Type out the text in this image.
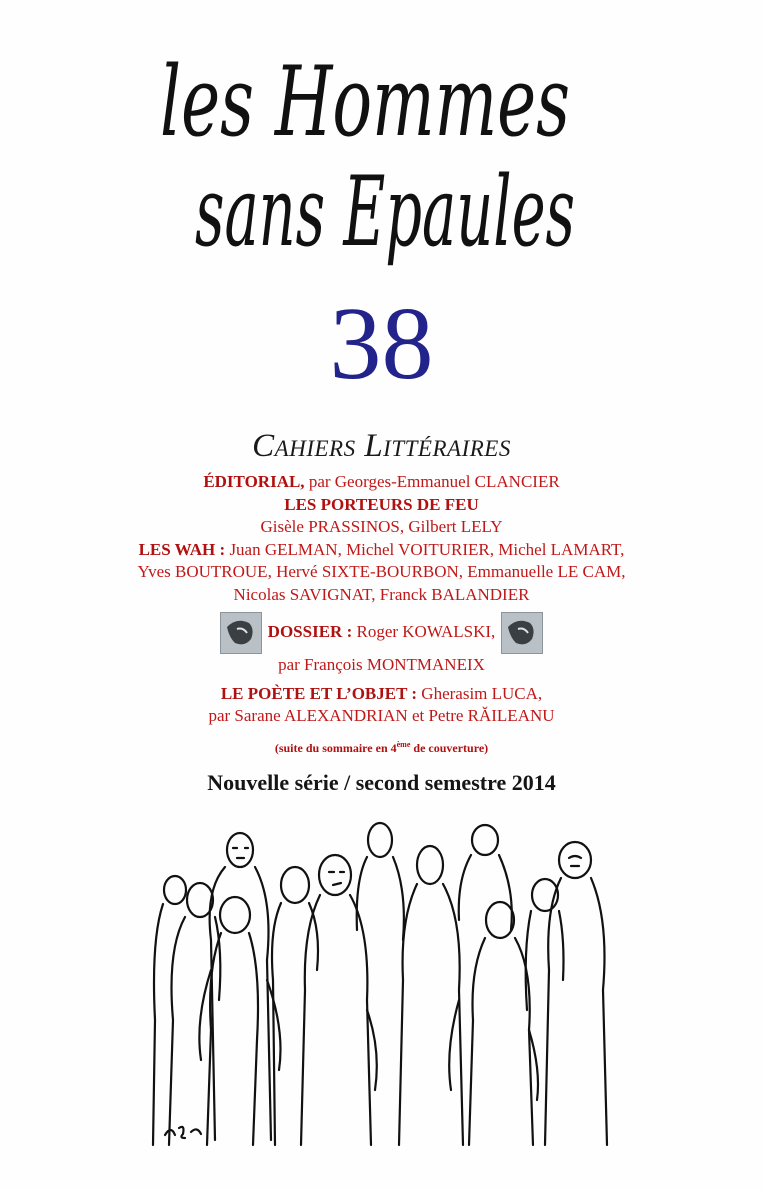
les Hommes
sans Epaules
38
Cahiers Littéraires
ÉDITORIAL, par Georges-Emmanuel CLANCIER
LES PORTEURS DE FEU
Gisèle PRASSINOS, Gilbert LELY
LES WAH : Juan GELMAN, Michel VOITURIER, Michel LAMART,
Yves BOUTROUE, Hervé SIXTE-BOURBON, Emmanuelle LE CAM,
Nicolas SAVIGNAT, Franck BALANDIER
DOSSIER : Roger KOWALSKI,
par François MONTMANEIX
LE POÈTE ET L’OBJET : Gherasim LUCA,
par Sarane ALEXANDRIAN et Petre RĂILEANU
(suite du sommaire en 4ème de couverture)
Nouvelle série / second semestre 2014
